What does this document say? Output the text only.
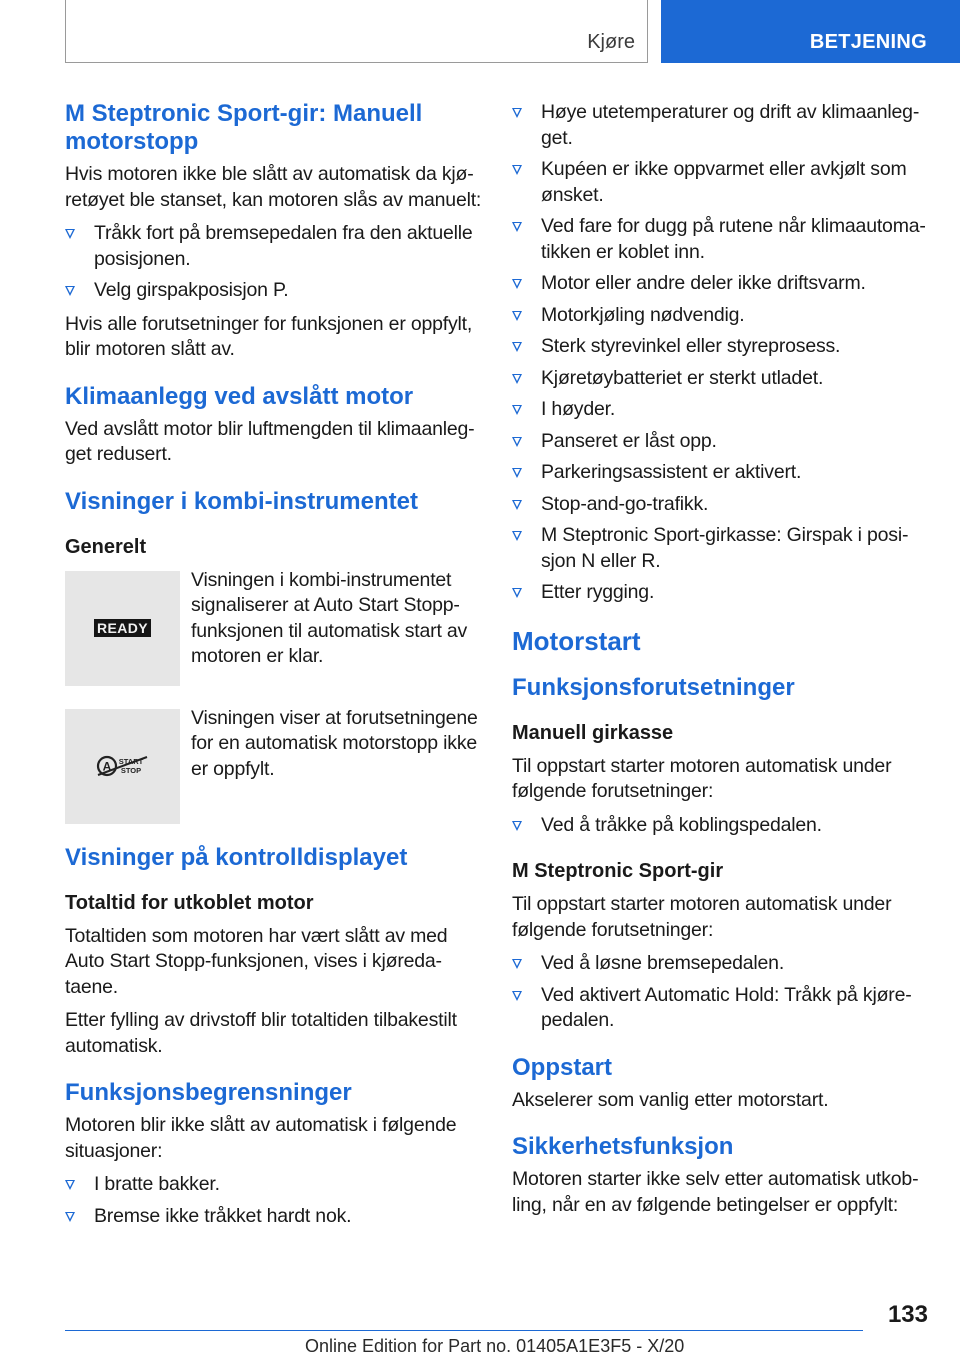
Kjøre	BETJENING
M Steptronic Sport-gir: Manuell motorstopp

Hvis motoren ikke ble slått av automatisk da kjø‐retøyet ble stanset, kan motoren slås av manuelt:

Tråkk fort på bremsepedalen fra den aktuelle posisjonen.
Velg girspakposisjon P.

Hvis alle forutsetninger for funksjonen er oppfylt, blir motoren slått av.

Klimaanlegg ved avslått motor

Ved avslått motor blir luftmengden til klimaanleg‐get redusert.

Visninger i kombi-instrumentet
Generelt
READY

Visningen i kombi-instrumentet signaliserer at Auto Start Stopp-funksjonen til automatisk start av motoren er klar.

A START
STOP

Visningen viser at forutsetningene for en automatisk motorstopp ikke er oppfylt.

Visninger på kontrolldisplayet
Totaltid for utkoblet motor

Totaltiden som motoren har vært slått av med Auto Start Stopp-funksjonen, vises i kjøreda‐taene.

Etter fylling av drivstoff blir totaltiden tilbakestilt automatisk.

Funksjonsbegrensninger

Motoren blir ikke slått av automatisk i følgende situasjoner:

I bratte bakker.
Bremse ikke tråkket hardt nok.
Høye utetemperaturer og drift av klimaanleg‐get.
Kupéen er ikke oppvarmet eller avkjølt som ønsket.
Ved fare for dugg på rutene når klimaautoma‐tikken er koblet inn.
Motor eller andre deler ikke driftsvarm.
Motorkjøling nødvendig.
Sterk styrevinkel eller styreprosess.
Kjøretøybatteriet er sterkt utladet.
I høyder.
Panseret er låst opp.
Parkeringsassistent er aktivert.
Stop-and-go-trafikk.
M Steptronic Sport-girkasse: Girspak i posi‐sjon N eller R.
Etter rygging.
Motorstart
Funksjonsforutsetninger
Manuell girkasse

Til oppstart starter motoren automatisk under følgende forutsetninger:

Ved å tråkke på koblingspedalen.
M Steptronic Sport-gir

Til oppstart starter motoren automatisk under følgende forutsetninger:

Ved å løsne bremsepedalen.
Ved aktivert Automatic Hold: Tråkk på kjøre‐pedalen.
Oppstart

Akselerer som vanlig etter motorstart.

Sikkerhetsfunksjon

Motoren starter ikke selv etter automatisk utkob‐ling, når en av følgende betingelser er oppfylt:

133
Online Edition for Part no. 01405A1E3F5 - X/20
